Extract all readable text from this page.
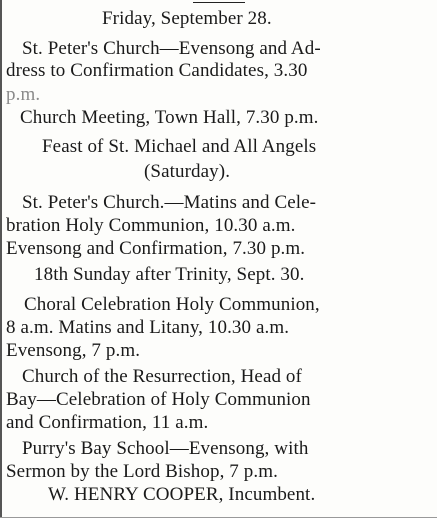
Friday, September 28.
St. Peter's Church—Evensong and Ad-
dress to Confirmation Candidates, 3.30
p.m.
Church Meeting, Town Hall, 7.30 p.m.
Feast of St. Michael and All Angels
(Saturday).
St. Peter's Church.—Matins and Cele-
bration Holy Communion, 10.30 a.m.
Evensong and Confirmation, 7.30 p.m.
18th Sunday after Trinity, Sept. 30.
Choral Celebration Holy Communion,
8 a.m. Matins and Litany, 10.30 a.m.
Evensong, 7 p.m.
Church of the Resurrection, Head of
Bay—Celebration of Holy Communion
and Confirmation, 11 a.m.
Purry's Bay School—Evensong, with
Sermon by the Lord Bishop, 7 p.m.
W. HENRY COOPER, Incumbent.
